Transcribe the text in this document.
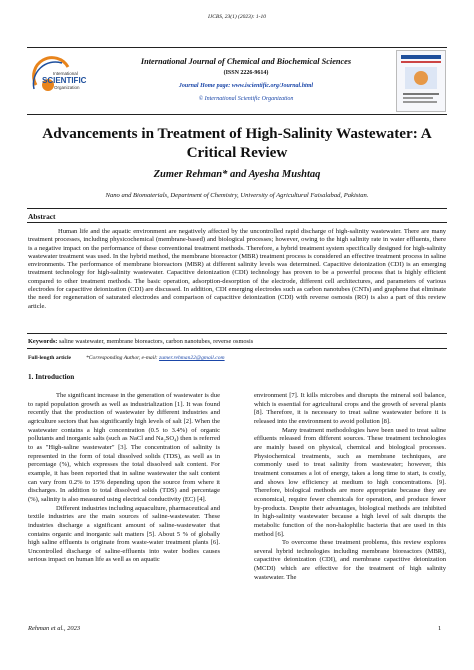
IJCBS, 23(1) (2023): 1-10
International
SCIENTIFIC
Organization
International Journal of Chemical and Biochemical Sciences
(ISSN 2226-9614)
Journal Home page: www.iscientific.org/Journal.html
© International Scientific Organization
Advancements in Treatment of High-Salinity Wastewater: A Critical Review
Zumer Rehman* and Ayesha Mushtaq
Nano and Biomaterials, Department of Chemistry, University of Agricultural Faisalabad, Pakistan.
Abstract
Human life and the aquatic environment are negatively affected by the uncontrolled rapid discharge of high-salinity wastewater. There are many treatment processes, including physicochemical (membrane-based) and biological processes; however, owing to the high salinity rate in water effluents, there is a negative impact on the performance of these conventional treatment methods. Therefore, a hybrid treatment system specifically designed for high-salinity wastewater treatment was used. In the hybrid method, the membrane bioreactor (MBR) treatment process is considered an effective treatment process in saline environments. The performance of membrane bioreactors (MBR) at different salinity levels was determined. Capacitive deionization (CDI) is an emerging treatment technology for high-salinity wastewater. Capacitive deionization (CDI) technology has proven to be a powerful process that is highly efficient compared to other treatment methods. The basic operation, adsorption-desorption of the electrode, different cell architectures, and parameters of various electrodes for capacitive deionization (CDI) are discussed. In addition, CDI emerging electrodes such as carbon nanotubes (CNTs) and graphene that eliminate the need for regeneration of saturated electrodes and comparison of capacitive deionization (CDI) with reverse osmosis (RO) is also a part of this review article.
Keywords: saline wastewater, membrane bioreactors, carbon nanotubes, reverse osmosis
Full-length article	*Corresponding Author, e-mail: zumer.rehman22@gmail.com
1. Introduction

The significant increase in the generation of wastewater is due to rapid population growth as well as industrialization [1]. It was found recently that the production of wastewater by different industries and agriculture sectors that has significantly high levels of salt [2]. When the wastewater contains a high concentration (0.5 to 3.4%) of organic pollutants and inorganic salts (such as NaCl and Na₂SO₄) then is referred to as "High-saline wastewater" [3]. The concentration of salinity is represented in the form of total dissolved solids (TDS), as well as in percentage (%), which expresses the total dissolved salt content. For example, it has been reported that in saline wastewater the salt content can vary from 0.2% to 15% depending upon the source from where it discharges. In addition to total dissolved solids (TDS) and percentage (%), salinity is also measured using electrical conductivity (EC) [4].

Different industries including aquaculture, pharmaceutical and textile industries are the main sources of saline-wastewater. These industries discharge a significant amount of saline-wastewater that contains organic and inorganic salt matters [5]. About 5 % of globally high saline effluents is originate from waste-water treatment plants [6]. Uncontrolled discharge of saline-effluents into water bodies causes serious impact on human life as well as on aquatic

environment [7]. It kills microbes and disrupts the mineral soil balance, which is essential for agricultural crops and the growth of several plants [8]. Therefore, it is necessary to treat saline wastewater before it is released into the environment to avoid pollution [8].

Many treatment methodologies have been used to treat saline effluents released from different sources. These treatment technologies are mainly based on physical, chemical and biological processes. Physiochemical treatments, such as membrane techniques, are commonly used to treat salinity from wastewater; however, this treatment consumes a lot of energy, takes a long time to start, is costly, and shows low efficiency at medium to high concentrations. [9]. Therefore, biological methods are more appropriate because they are economical, require fewer chemicals for operation, and produce fewer by-products. Despite their advantages, biological methods are inhibited in high-salinity wastewater because a high level of salt disrupts the metabolic function of the non-halophilic bacteria that are used in this method [6].

To overcome these treatment problems, this review explores several hybrid technologies including membrane bioreactors (MBR), capacitive deionization (CDI), and membrane capacitive deionization (MCDI) which are effective for the treatment of high salinity wastewater. The

Rehman et al., 2023	1
